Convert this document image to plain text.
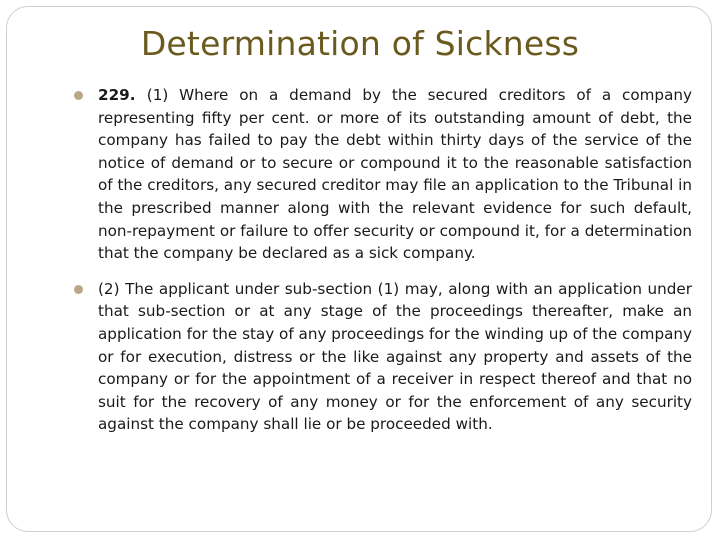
Determination of Sickness
229. (1) Where on a demand by the secured creditors of a company representing fifty per cent. or more of its outstanding amount of debt, the company has failed to pay the debt within thirty days of the service of the notice of demand or to secure or compound it to the reasonable satisfaction of the creditors, any secured creditor may file an application to the Tribunal in the prescribed manner along with the relevant evidence for such default, non-repayment or failure to offer security or compound it, for a determination that the company be declared as a sick company.
(2) The applicant under sub-section (1) may, along with an application under that sub-section or at any stage of the proceedings thereafter, make an application for the stay of any proceedings for the winding up of the company or for execution, distress or the like against any property and assets of the company or for the appointment of a receiver in respect thereof and that no suit for the recovery of any money or for the enforcement of any security against the company shall lie or be proceeded with.
